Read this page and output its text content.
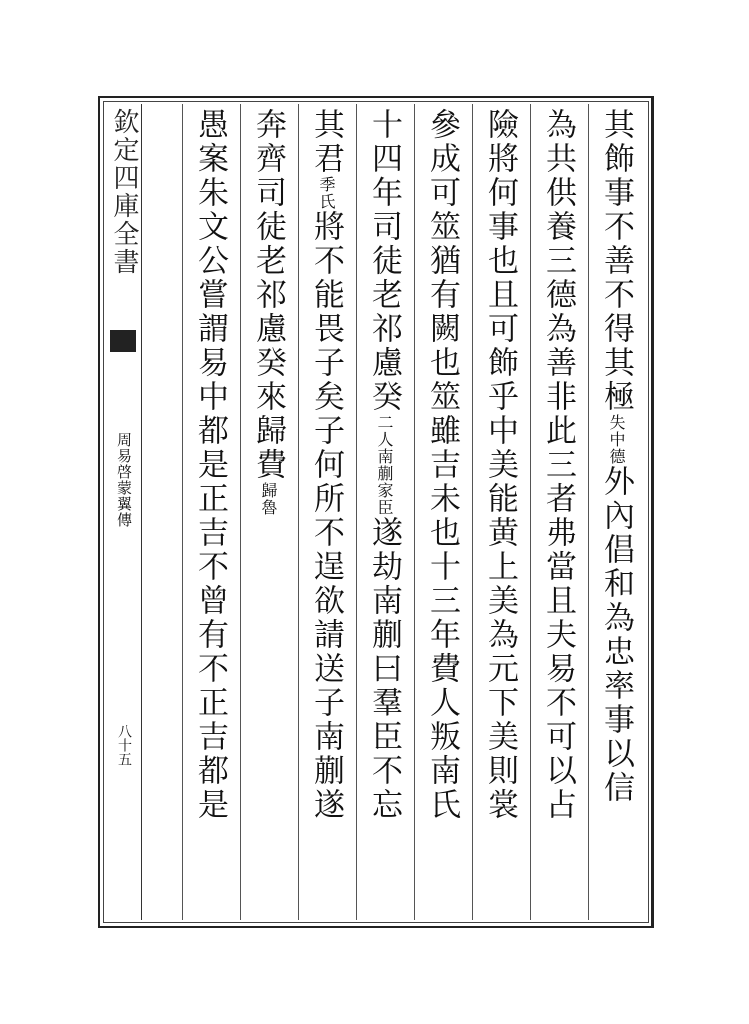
欽定四庫全書
周易啓蒙翼傳
八十五
其飾事不善不得其極失中德外內倡和為忠率事以信
為共供養三德為善非此三者弗當且夫易不可以占
險將何事也且可飾乎中美能黄上美為元下美則裳
參成可筮猶有闕也筮雖吉未也十三年費人叛南氏
十四年司徒老祁慮癸二人南蒯家臣遂劫南蒯曰羣臣不忘
其君季氏將不能畏子矣子何所不逞欲請送子南蒯遂
奔齊司徒老祁慮癸來歸費歸魯
愚案朱文公嘗謂易中都是正吉不曾有不正吉都是
